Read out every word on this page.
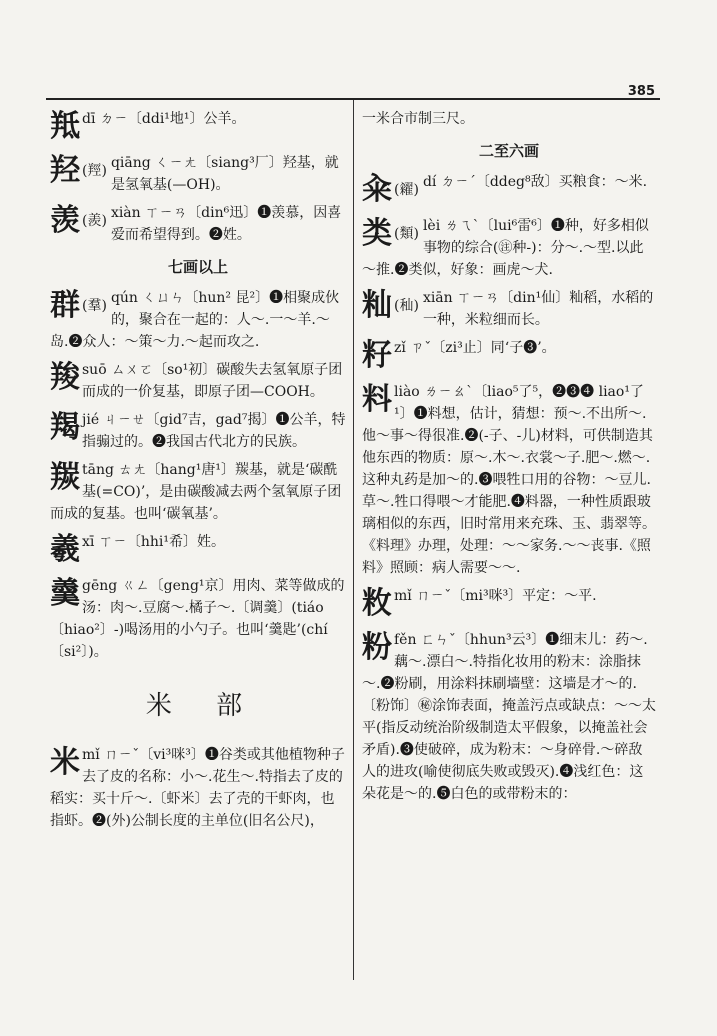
385
羝 dī ㄉㄧ〔ddi¹地¹〕公羊。
羟 (羥) qiāng ㄑㄧㄤ〔siang³厂〕羟基，就是氢氧基(—OH)。
羡 (羨) xiàn ㄒㄧㄢ〔din⁶迅〕❶羡慕，因喜爱而希望得到。❷姓。
七画以上
群 (羣) qún ㄑㄩㄣ〔hun² 昆²〕❶相聚成伙的，聚合在一起的：人～.一～羊.～岛.❷众人：～策～力.～起而攻之.
羧 suō ㄙㄨㄛ〔so¹初〕碳酸失去氢氧原子团而成的一价复基，即原子团—COOH。
羯 jié ㄐㄧㄝ〔gid⁷吉，gad⁷揭〕❶公羊，特指骟过的。❷我国古代北方的民族。
羰 tāng ㄊㄤ〔hang¹唐¹〕羰基，就是‘碳酰基(=CO)’，是由碳酸减去两个氢氧原子团而成的复基。也叫‘碳氧基’。
羲 xī ㄒㄧ〔hhi¹希〕姓。
羹 gēng ㄍㄥ〔geng¹京〕用肉、菜等做成的汤：肉～.豆腐～.橘子～.〔调羹〕(tiáo〔hiao²〕-)喝汤用的小勺子。也叫‘羹匙’(chí〔si²〕)。
米 部
米 mǐ ㄇㄧˇ〔vi³咪³〕❶谷类或其他植物种子去了皮的名称：小～.花生～.特指去了皮的稻实：买十斤～.〔虾米〕去了壳的干虾肉，也指虾。❷(外)公制长度的主单位(旧名公尺)，
一米合市制三尺。
二至六画
籴 (糴) dí ㄉㄧˊ〔ddeg⁸敌〕买粮食：～米.
类 (類) lèi ㄌㄟˋ〔lui⁶雷⁶〕❶种，好多相似事物的综合(㊟种-)：分～.～型.以此～推.❷类似，好象：画虎～犬.
籼 (秈) xiān ㄒㄧㄢ〔din¹仙〕籼稻，水稻的一种，米粒细而长。
籽 zǐ ㄗˇ〔zi³止〕同‘子❸’。
料 liào ㄌㄧㄠˋ〔liao⁵了⁵，❷❸❹ liao¹了¹〕❶料想，估计，猜想：预～.不出所～.他～事～得很准.❷(-子、-儿)材料，可供制造其他东西的物质：原～.木～.衣裳～子.肥～.燃～.这种丸药是加～的.❸喂牲口用的谷物：～豆儿.草～.牲口得喂～才能肥.❹料器，一种性质跟玻璃相似的东西，旧时常用来充珠、玉、翡翠等。《料理》办理，处理：～～家务.～～丧事.《照料》照顾：病人需要～～.
敉 mǐ ㄇㄧˇ〔mi³咪³〕平定：～平.
粉 fěn ㄈㄣˇ〔hhun³云³〕❶细末儿：药～.藕～.漂白～.特指化妆用的粉末：涂脂抹～.❷粉刷，用涂料抹刷墙壁：这墙是才～的.〔粉饰〕㊙涂饰表面，掩盖污点或缺点：～～太平(指反动统治阶级制造太平假象，以掩盖社会矛盾).❸使破碎，成为粉末：～身碎骨.～碎敌人的进攻(喻使彻底失败或毁灭).❹浅红色：这朵花是～的.❺白色的或带粉末的：
